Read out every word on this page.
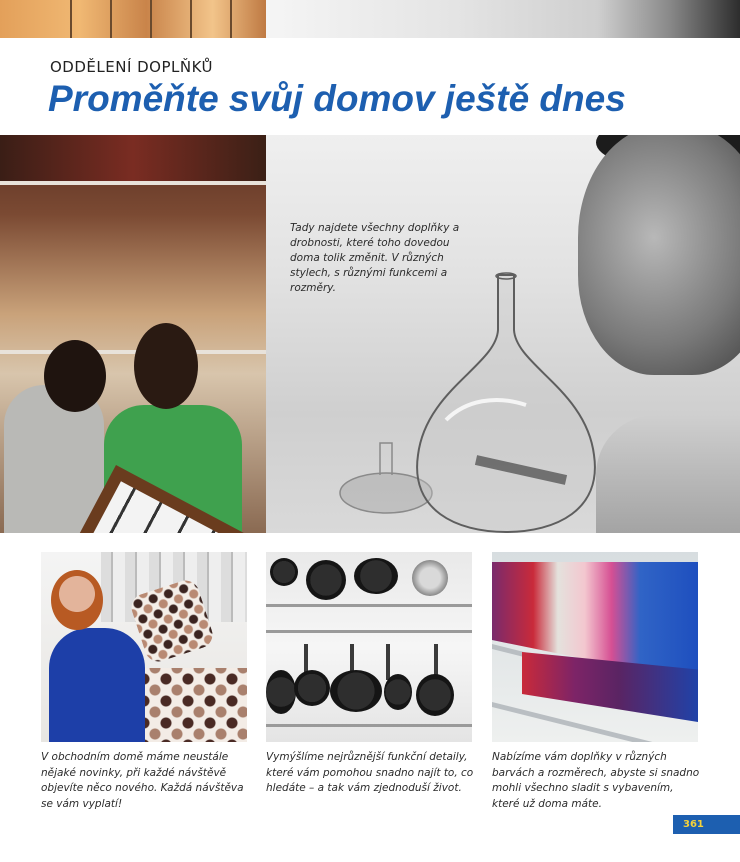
ODDĚLENÍ DOPLŇKŮ
Proměňte svůj domov ještě dnes
Tady najdete všechny doplňky a drobnosti, které toho dovedou doma tolik změnit. V různých stylech, s různými funkcemi a rozměry.
V obchodním domě máme neustále nějaké novinky, při každé návštěvě objevíte něco nového. Každá návštěva se vám vyplatí!
Vymýšlíme nejrůznější funkční detaily, které vám pomohou snadno najít to, co hledáte – a tak vám zjednoduší život.
Nabízíme vám doplňky v různých barvách a rozměrech, abyste si snadno mohli všechno sladit s vybavením, které už doma máte.
361
